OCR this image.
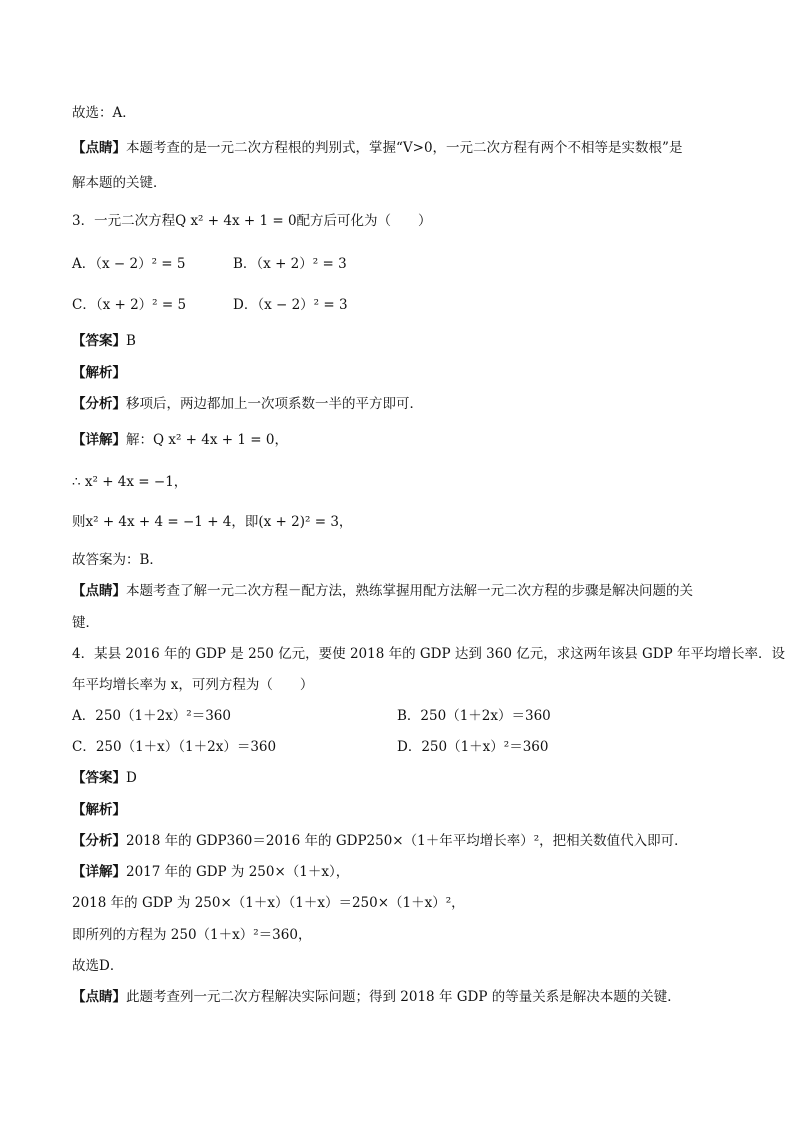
故选：A．
【点睛】本题考查的是一元二次方程根的判别式，掌握“V>0，一元二次方程有两个不相等是实数根”是
解本题的关键．
3．一元二次方程Q x² + 4x + 1 = 0配方后可化为（　　）
A．（x − 2）² = 5	B．（x + 2）² = 3
C．（x + 2）² = 5	D．（x − 2）² = 3
【答案】B
【解析】
【分析】移项后，两边都加上一次项系数一半的平方即可．
【详解】解：Q x² + 4x + 1 = 0，
∴ x² + 4x = −1，
则x² + 4x + 4 = −1 + 4，即(x + 2)² = 3，
故答案为：B．
【点睛】本题考查了解一元二次方程－配方法，熟练掌握用配方法解一元二次方程的步骤是解决问题的关
键．
4．某县 2016 年的 GDP 是 250 亿元，要使 2018 年的 GDP 达到 360 亿元，求这两年该县 GDP 年平均增长率．设
年平均增长率为 x，可列方程为（　　）
A．250（1＋2x）²＝360	B．250（1＋2x）＝360
C．250（1＋x）（1＋2x）＝360	D．250（1＋x）²＝360
【答案】D
【解析】
【分析】2018 年的 GDP360＝2016 年的 GDP250×（1＋年平均增长率）²，把相关数值代入即可．
【详解】2017 年的 GDP 为 250×（1＋x），
2018 年的 GDP 为 250×（1＋x）（1＋x）＝250×（1＋x）²，
即所列的方程为 250（1＋x）²＝360，
故选D．
【点睛】此题考查列一元二次方程解决实际问题；得到 2018 年 GDP 的等量关系是解决本题的关键．
